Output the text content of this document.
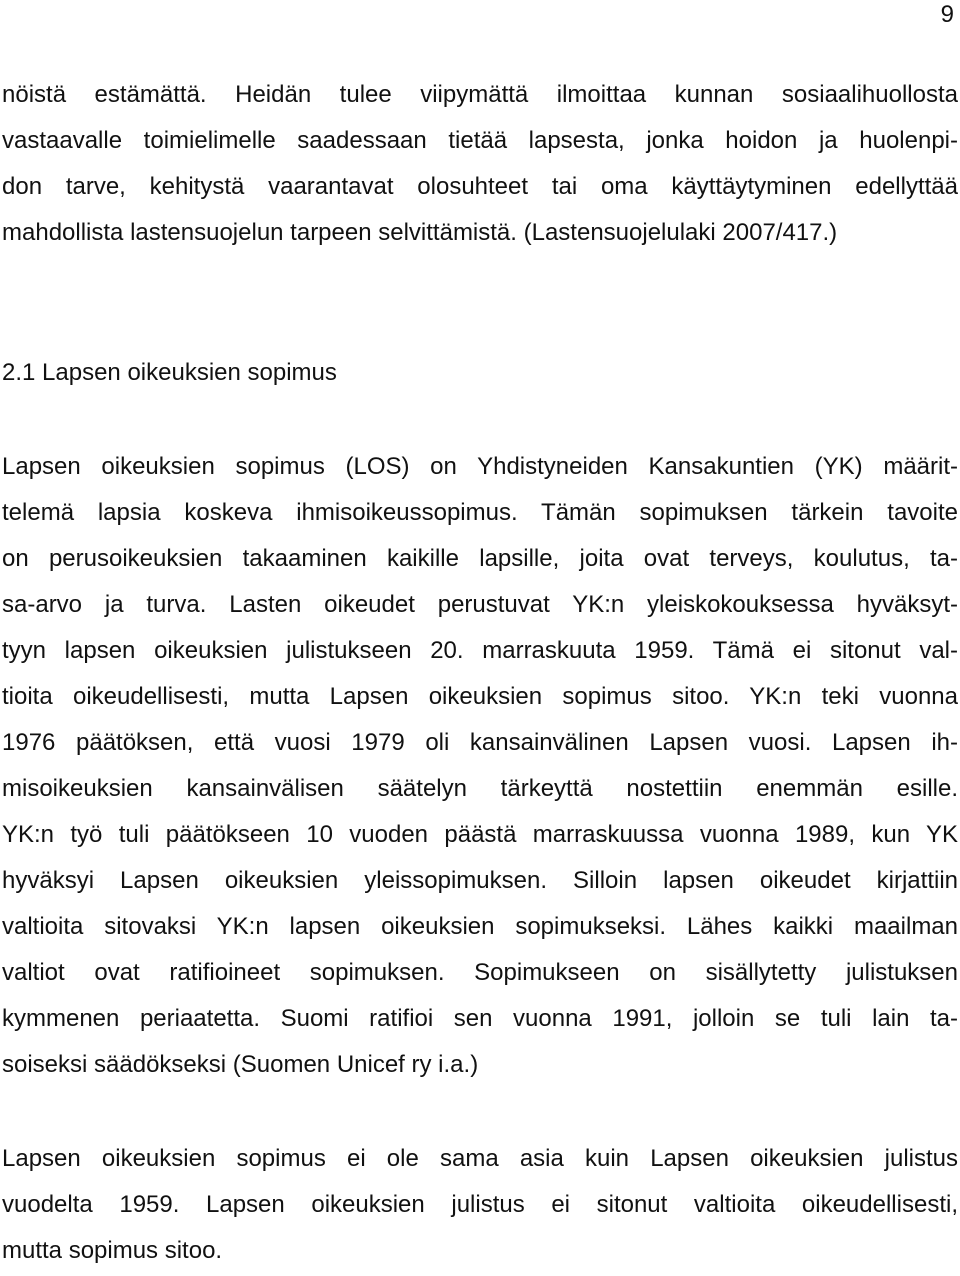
9
nöistä estämättä. Heidän tulee viipymättä ilmoittaa kunnan sosiaalihuollosta
vastaavalle toimielimelle saadessaan tietää lapsesta, jonka hoidon ja huolenpi-
don tarve, kehitystä vaarantavat olosuhteet tai oma käyttäytyminen edellyttää
mahdollista lastensuojelun tarpeen selvittämistä. (Lastensuojelulaki 2007/417.)
2.1 Lapsen oikeuksien sopimus
Lapsen oikeuksien sopimus (LOS) on Yhdistyneiden Kansakuntien (YK) määrit-
telemä lapsia koskeva ihmisoikeussopimus. Tämän sopimuksen tärkein tavoite
on perusoikeuksien takaaminen kaikille lapsille, joita ovat terveys, koulutus, ta-
sa-arvo ja turva. Lasten oikeudet perustuvat YK:n yleiskokouksessa hyväksyt-
tyyn lapsen oikeuksien julistukseen 20. marraskuuta 1959. Tämä ei sitonut val-
tioita oikeudellisesti, mutta Lapsen oikeuksien sopimus sitoo. YK:n teki vuonna
1976 päätöksen, että vuosi 1979 oli kansainvälinen Lapsen vuosi. Lapsen ih-
misoikeuksien kansainvälisen säätelyn tärkeyttä nostettiin enemmän esille.
YK:n työ tuli päätökseen 10 vuoden päästä marraskuussa vuonna 1989, kun YK
hyväksyi Lapsen oikeuksien yleissopimuksen. Silloin lapsen oikeudet kirjattiin
valtioita sitovaksi YK:n lapsen oikeuksien sopimukseksi. Lähes kaikki maailman
valtiot ovat ratifioineet sopimuksen. Sopimukseen on sisällytetty julistuksen
kymmenen periaatetta. Suomi ratifioi sen vuonna 1991, jolloin se tuli lain ta-
soiseksi säädökseksi (Suomen Unicef ry i.a.)
Lapsen oikeuksien sopimus ei ole sama asia kuin Lapsen oikeuksien julistus
vuodelta 1959. Lapsen oikeuksien julistus ei sitonut valtioita oikeudellisesti,
mutta sopimus sitoo.
